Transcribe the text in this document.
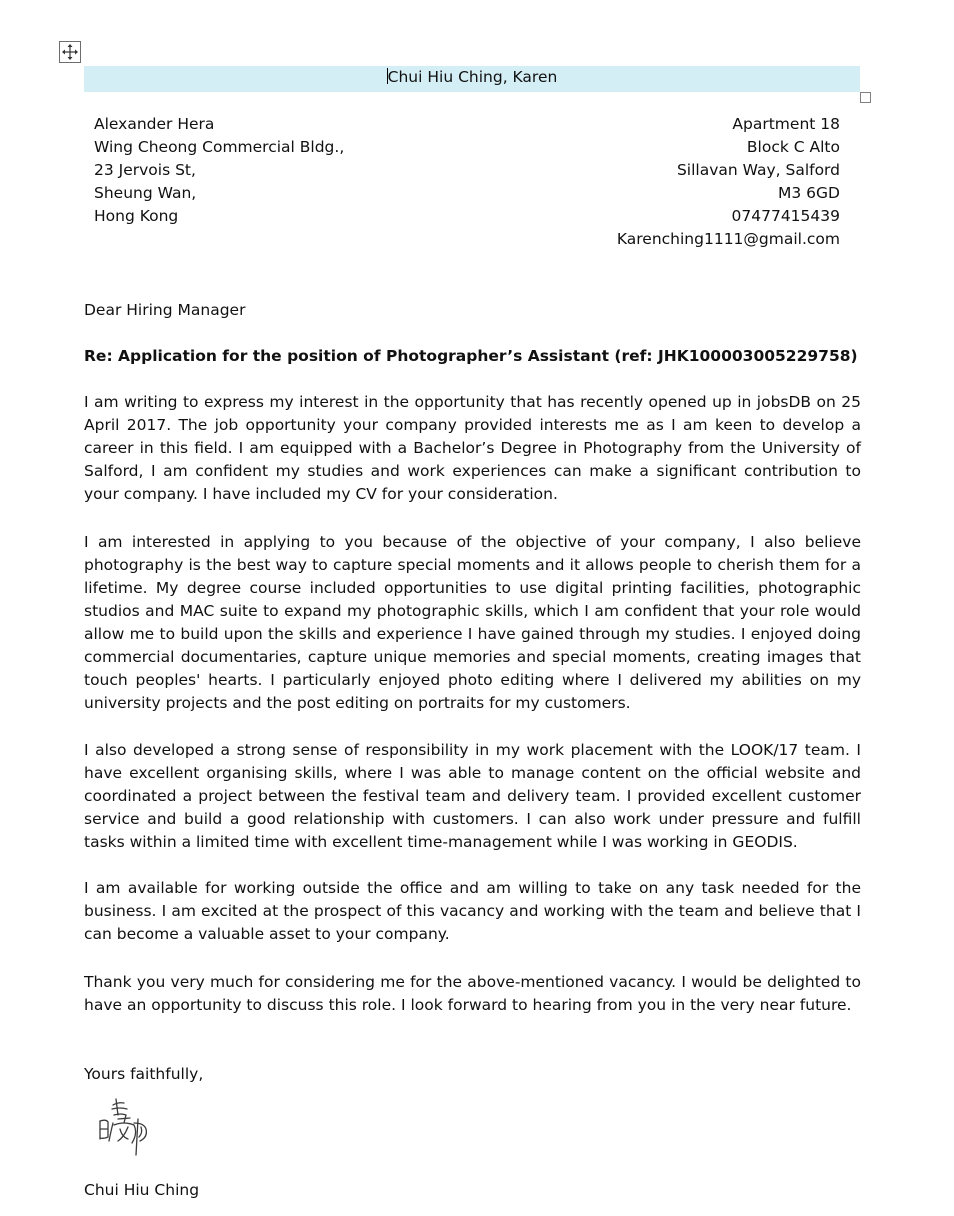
Chui Hiu Ching, Karen
Alexander Hera
Wing Cheong Commercial Bldg.,
23 Jervois St,
Sheung Wan,
Hong Kong
Apartment 18
Block C Alto
Sillavan Way, Salford
M3 6GD
07477415439
Karenching1111@gmail.com
Dear Hiring Manager
Re: Application for the position of Photographer’s Assistant (ref: JHK100003005229758)

I am writing to express my interest in the opportunity that has recently opened up in jobsDB on 25 April 2017. The job opportunity your company provided interests me as I am keen to develop a career in this field. I am equipped with a Bachelor’s Degree in Photography from the University of Salford, I am confident my studies and work experiences can make a significant contribution to your company. I have included my CV for your consideration.

I am interested in applying to you because of the objective of your company, I also believe photography is the best way to capture special moments and it allows people to cherish them for a lifetime. My degree course included opportunities to use digital printing facilities, photographic studios and MAC suite to expand my photographic skills, which I am confident that your role would allow me to build upon the skills and experience I have gained through my studies. I enjoyed doing commercial documentaries, capture unique memories and special moments, creating images that touch peoples' hearts. I particularly enjoyed photo editing where I delivered my abilities on my university projects and the post editing on portraits for my customers.

I also developed a strong sense of responsibility in my work placement with the LOOK/17 team. I have excellent organising skills, where I was able to manage content on the official website and coordinated a project between the festival team and delivery team. I provided excellent customer service and build a good relationship with customers. I can also work under pressure and fulfill tasks within a limited time with excellent time-management while I was working in GEODIS.

I am available for working outside the office and am willing to take on any task needed for the business. I am excited at the prospect of this vacancy and working with the team and believe that I can become a valuable asset to your company.

Thank you very much for considering me for the above-mentioned vacancy. I would be delighted to have an opportunity to discuss this role. I look forward to hearing from you in the very near future.

Yours faithfully,
Chui Hiu Ching
